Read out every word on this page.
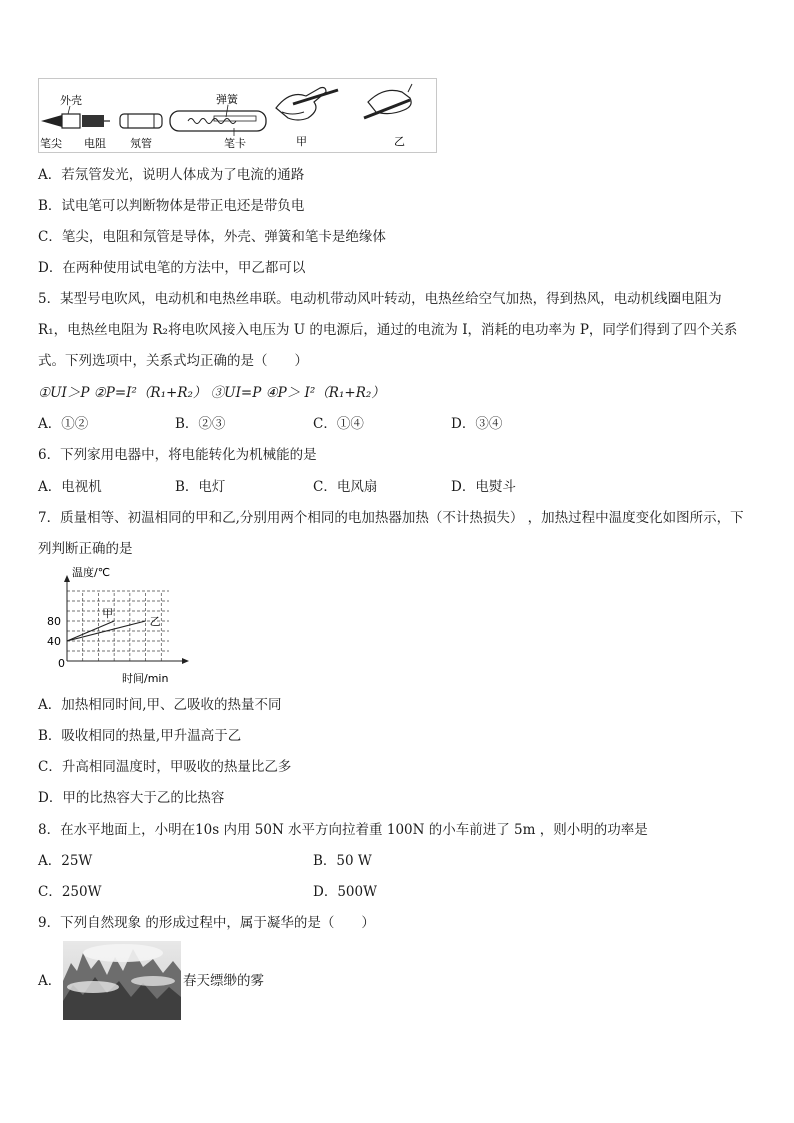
外壳
笔尖 电阻 氖管
弹簧
笔卡	甲	乙
A．若氖管发光，说明人体成为了电流的通路
B．试电笔可以判断物体是带正电还是带负电
C．笔尖，电阻和氖管是导体，外壳、弹簧和笔卡是绝缘体
D．在两种使用试电笔的方法中，甲乙都可以
5．某型号电吹风，电动机和电热丝串联。电动机带动风叶转动，电热丝给空气加热，得到热风，电动机线圈电阻为
R₁，电热丝电阻为 R₂将电吹风接入电压为 U 的电源后，通过的电流为 I，消耗的电功率为 P，同学们得到了四个关系
式。下列选项中，关系式均正确的是（　　）
①UI＞P ②P=I²（R₁+R₂） ③UI=P ④P＞ I²（R₁+R₂）
A．①②	B．②③	C．①④	D．③④
6．下列家用电器中，将电能转化为机械能的是
A．电视机	B．电灯	C．电风扇	D．电熨斗
7．质量相等、初温相同的甲和乙,分别用两个相同的电加热器加热（不计热损失） ，加热过程中温度变化如图所示，下
列判断正确的是
甲
乙
80
40
0
温度/℃
时间/min
A．加热相同时间,甲、乙吸收的热量不同
B．吸收相同的热量,甲升温高于乙
C．升高相同温度时，甲吸收的热量比乙多
D．甲的比热容大于乙的比热容
8．在水平地面上，小明在10s 内用 50N 水平方向拉着重 100N 的小车前进了 5m ，则小明的功率是
A．25W	B．50 W
C．250W	D．500W
9．下列自然现象 的形成过程中，属于凝华的是（　　）
A．	春天缥缈的雾
